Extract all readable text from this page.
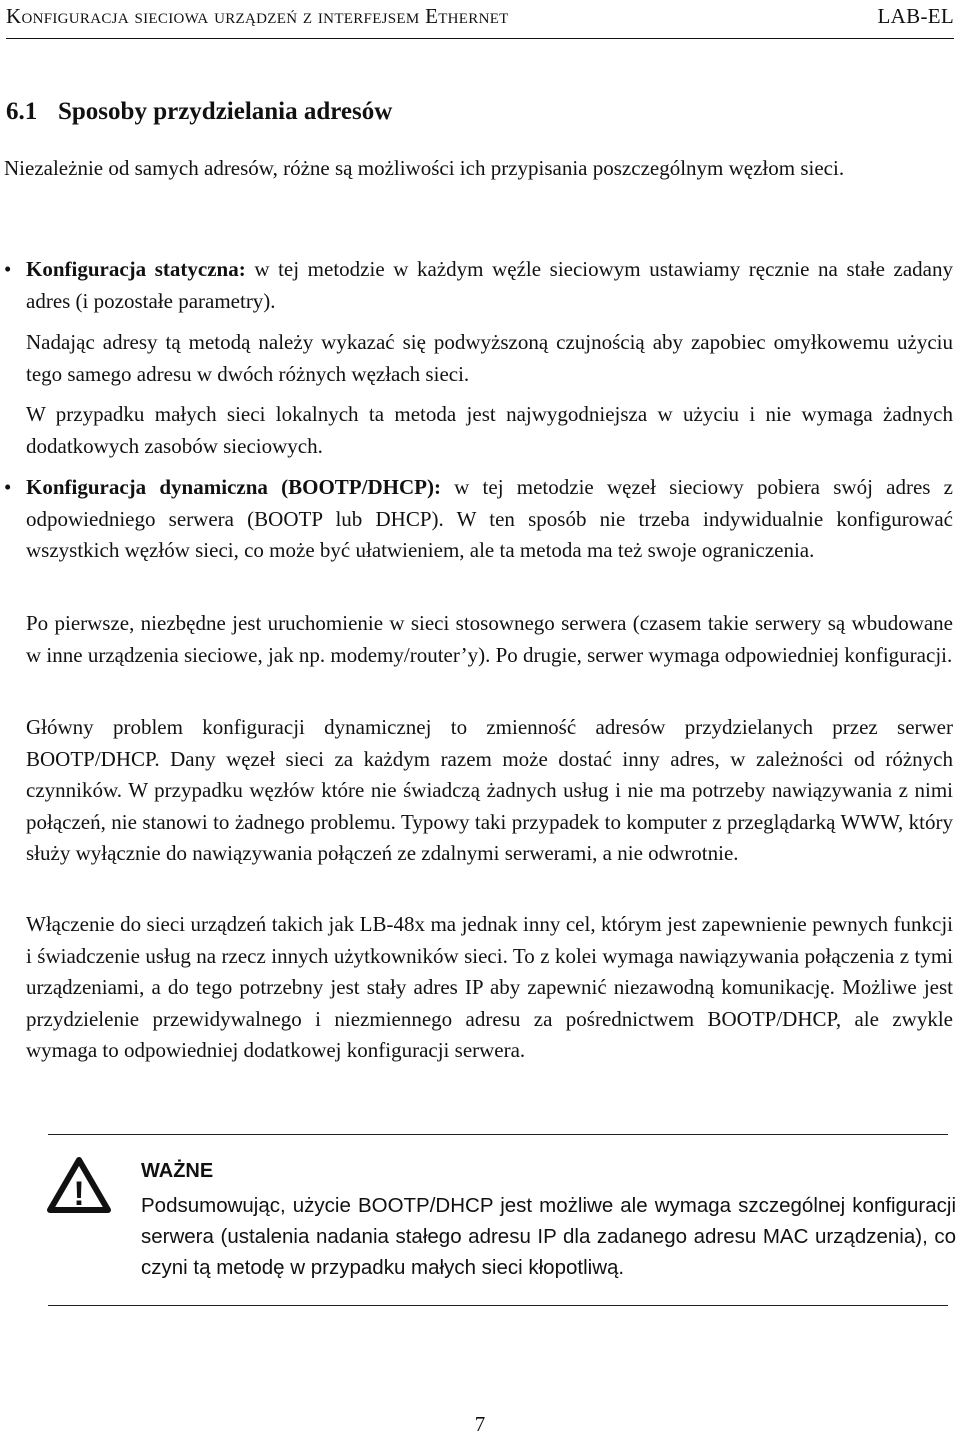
Konfiguracja sieciowa urządzeń z interfejsem Ethernet	LAB-EL
6.1 Sposoby przydzielania adresów
Niezależnie od samych adresów, różne są możliwości ich przypisania poszczególnym węzłom sieci.
• Konfiguracja statyczna: w tej metodzie w każdym węźle sieciowym ustawiamy ręcznie na stałe zadany adres (i pozostałe parametry).
Nadając adresy tą metodą należy wykazać się podwyższoną czujnością aby zapobiec omyłkowemu użyciu tego samego adresu w dwóch różnych węzłach sieci.
W przypadku małych sieci lokalnych ta metoda jest najwygodniejsza w użyciu i nie wymaga żadnych dodatkowych zasobów sieciowych.
• Konfiguracja dynamiczna (BOOTP/DHCP): w tej metodzie węzeł sieciowy pobiera swój adres z odpowiedniego serwera (BOOTP lub DHCP). W ten sposób nie trzeba indywidualnie konfigurować wszystkich węzłów sieci, co może być ułatwieniem, ale ta metoda ma też swoje ograniczenia.
Po pierwsze, niezbędne jest uruchomienie w sieci stosownego serwera (czasem takie serwery są wbudowane w inne urządzenia sieciowe, jak np. modemy/router’y). Po drugie, serwer wymaga odpowiedniej konfiguracji.
Główny problem konfiguracji dynamicznej to zmienność adresów przydzielanych przez serwer BOOTP/DHCP. Dany węzeł sieci za każdym razem może dostać inny adres, w zależności od różnych czynników. W przypadku węzłów które nie świadczą żadnych usług i nie ma potrzeby nawiązywania z nimi połączeń, nie stanowi to żadnego problemu. Typowy taki przypadek to komputer z przeglądarką WWW, który służy wyłącznie do nawiązywania połączeń ze zdalnymi serwerami, a nie odwrotnie.
Włączenie do sieci urządzeń takich jak LB-48x ma jednak inny cel, którym jest zapewnienie pewnych funkcji i świadczenie usług na rzecz innych użytkowników sieci. To z kolei wymaga nawiązywania połączenia z tymi urządzeniami, a do tego potrzebny jest stały adres IP aby zapewnić niezawodną komunikację. Możliwe jest przydzielenie przewidywalnego i niezmiennego adresu za pośrednictwem BOOTP/DHCP, ale zwykle wymaga to odpowiedniej dodatkowej konfiguracji serwera.
!
WAŻNE
Podsumowując, użycie BOOTP/DHCP jest możliwe ale wymaga szczególnej konfiguracji serwera (ustalenia nadania stałego adresu IP dla zadanego adresu MAC urządzenia), co czyni tą metodę w przypadku małych sieci kłopotliwą.
7
